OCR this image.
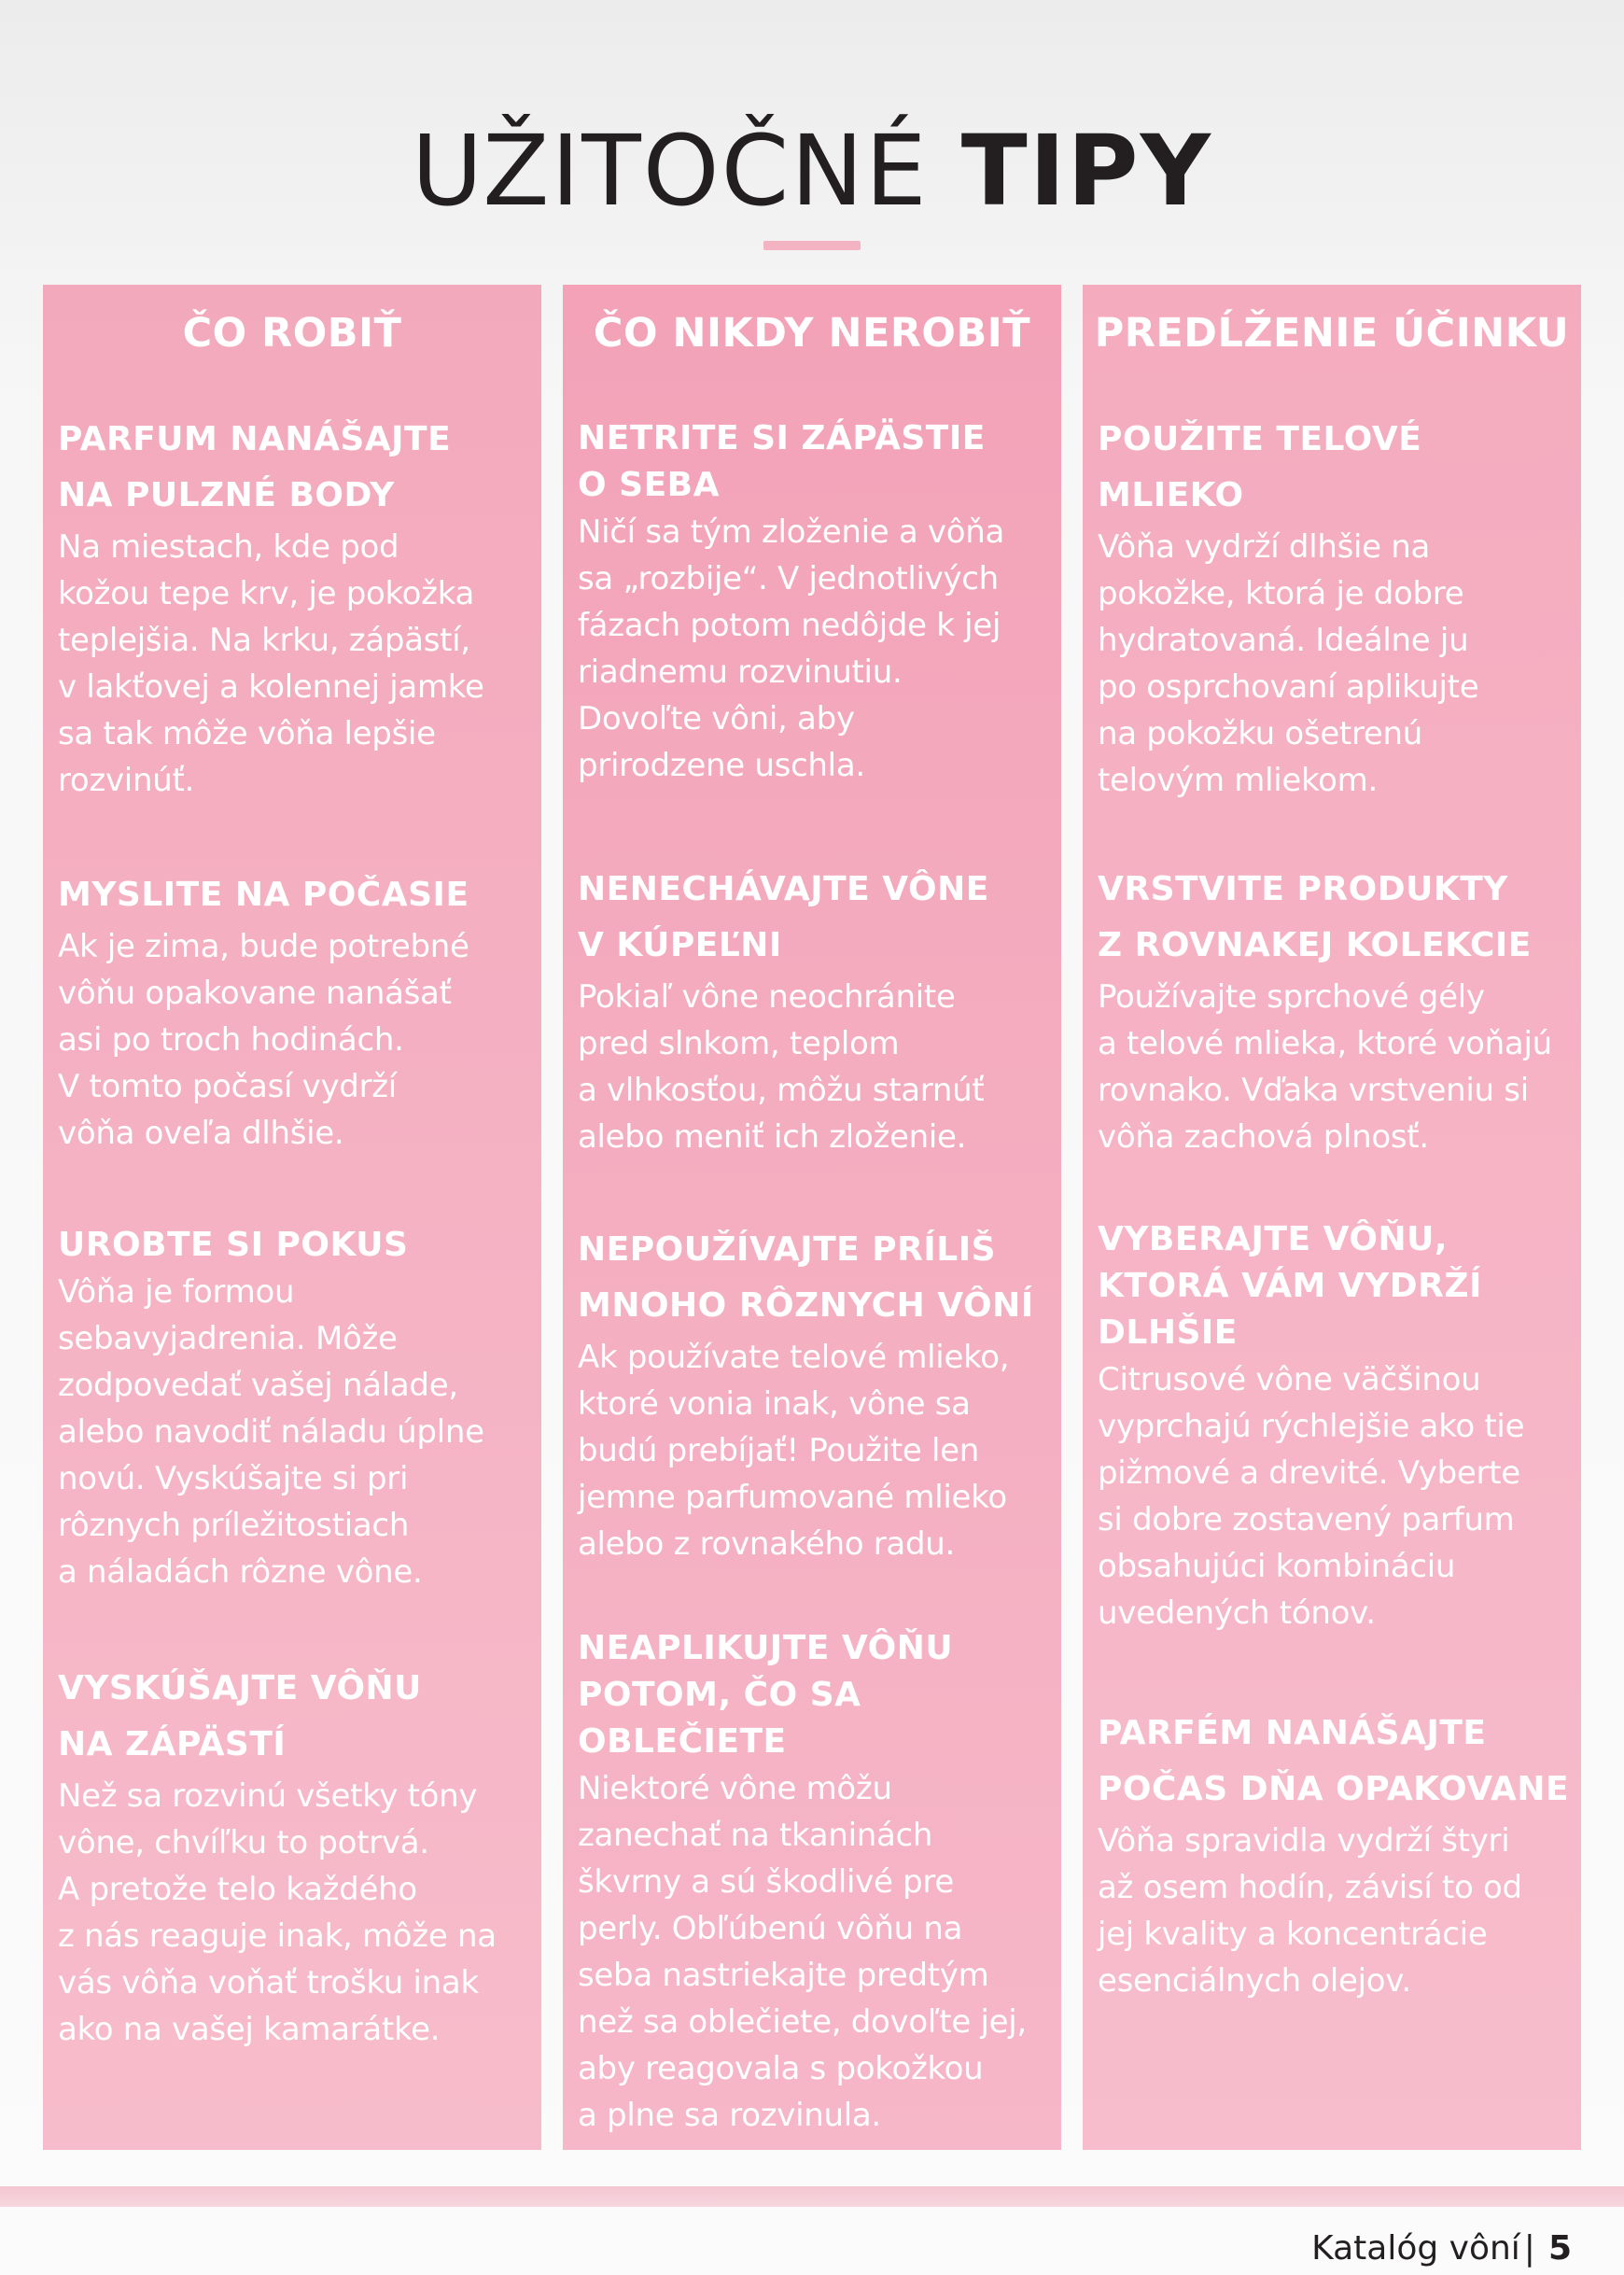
UŽITOČNÉ TIPY
ČO ROBIŤ
PARFUM NANÁŠAJTE
NA PULZNÉ BODY
Na miestach, kde pod
kožou tepe krv, je pokožka
teplejšia. Na krku, zápästí,
v lakťovej a kolennej jamke
sa tak môže vôňa lepšie
rozvinúť.
MYSLITE NA POČASIE
Ak je zima, bude potrebné
vôňu opakovane nanášať
asi po troch hodinách.
V tomto počasí vydrží
vôňa oveľa dlhšie.
UROBTE SI POKUS
Vôňa je formou
sebavyjadrenia. Môže
zodpovedať vašej nálade,
alebo navodiť náladu úplne
novú. Vyskúšajte si pri
rôznych príležitostiach
a náladách rôzne vône.
VYSKÚŠAJTE VÔŇU
NA ZÁPÄSTÍ
Než sa rozvinú všetky tóny
vône, chvíľku to potrvá.
A pretože telo každého
z nás reaguje inak, môže na
vás vôňa voňať trošku inak
ako na vašej kamarátke.
ČO NIKDY NEROBIŤ
NETRITE SI ZÁPÄSTIE
O SEBA
Ničí sa tým zloženie a vôňa
sa „rozbije“. V jednotlivých
fázach potom nedôjde k jej
riadnemu rozvinutiu.
Dovoľte vôni, aby
prirodzene uschla.
NENECHÁVAJTE VÔNE
V KÚPEĽNI
Pokiaľ vône neochránite
pred slnkom, teplom
a vlhkosťou, môžu starnúť
alebo meniť ich zloženie.
NEPOUŽÍVAJTE PRÍLIŠ
MNOHO RÔZNYCH VÔNÍ
Ak používate telové mlieko,
ktoré vonia inak, vône sa
budú prebíjať! Použite len
jemne parfumované mlieko
alebo z rovnakého radu.
NEAPLIKUJTE VÔŇU
POTOM, ČO SA
OBLEČIETE
Niektoré vône môžu
zanechať na tkaninách
škvrny a sú škodlivé pre
perly. Obľúbenú vôňu na
seba nastriekajte predtým
než sa oblečiete, dovoľte jej,
aby reagovala s pokožkou
a plne sa rozvinula.
PREDĹŽENIE ÚČINKU
POUŽITE TELOVÉ
MLIEKO
Vôňa vydrží dlhšie na
pokožke, ktorá je dobre
hydratovaná. Ideálne ju
po osprchovaní aplikujte
na pokožku ošetrenú
telovým mliekom.
VRSTVITE PRODUKTY
Z ROVNAKEJ KOLEKCIE
Používajte sprchové gély
a telové mlieka, ktoré voňajú
rovnako. Vďaka vrstveniu si
vôňa zachová plnosť.
VYBERAJTE VÔŇU,
KTORÁ VÁM VYDRŽÍ
DLHŠIE
Citrusové vône väčšinou
vyprchajú rýchlejšie ako tie
pižmové a drevité. Vyberte
si dobre zostavený parfum
obsahujúci kombináciu
uvedených tónov.
PARFÉM NANÁŠAJTE
POČAS DŇA OPAKOVANE
Vôňa spravidla vydrží štyri
až osem hodín, závisí to od
jej kvality a koncentrácie
esenciálnych olejov.
Katalóg vôní | 5
